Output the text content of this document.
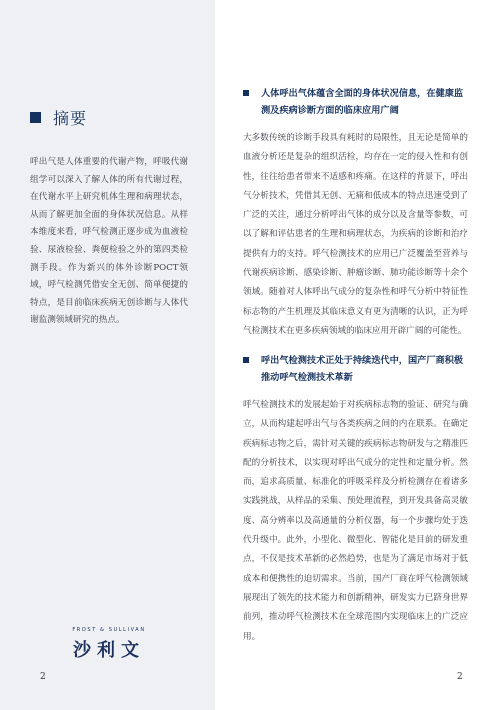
摘要
呼出气是人体重要的代谢产物，呼吸代谢组学可以深入了解人体的所有代谢过程，在代谢水平上研究机体生理和病理状态，从而了解更加全面的身体状况信息。从样本维度来看，呼气检测正逐步成为血液检验、尿液检验、粪便检验之外的第四类检测手段。作为新兴的体外诊断POCT领域，呼气检测凭借安全无创、简单便捷的特点，是目前临床疾病无创诊断与人体代谢监测领域研究的热点。
FROST & SULLIVAN
沙利文
2
人体呼出气体蕴含全面的身体状况信息，在健康监测及疾病诊断方面的临床应用广阔
大多数传统的诊断手段具有耗时的局限性，且无论是简单的血液分析还是复杂的组织活检，均存在一定的侵入性和有创性，往往给患者带来不适感和疼痛。在这样的背景下，呼出气分析技术，凭借其无创、无痛和低成本的特点迅速受到了广泛的关注，通过分析呼出气体的成分以及含量等参数，可以了解和评估患者的生理和病理状态，为疾病的诊断和治疗提供有力的支持。呼气检测技术的应用已广泛覆盖至营养与代谢疾病诊断、感染诊断、肿瘤诊断、肺功能诊断等十余个领域。随着对人体呼出气成分的复杂性和呼气分析中特征性标志物的产生机理及其临床意义有更为清晰的认识，正为呼气检测技术在更多疾病领域的临床应用开辟广阔的可能性。
呼出气检测技术正处于持续迭代中，国产厂商积极推动呼气检测技术革新
呼气检测技术的发展起始于对疾病标志物的验证、研究与确立，从而构建起呼出气与各类疾病之间的内在联系。在确定疾病标志物之后，需针对关键的疾病标志物研发与之精准匹配的分析技术，以实现对呼出气成分的定性和定量分析。然而，追求高质量、标准化的呼吸采样及分析检测存在着诸多实践挑战，从样品的采集、预处理流程，到开发具备高灵敏度、高分辨率以及高通量的分析仪器，每一个步骤均处于迭代升级中。此外，小型化、微型化、智能化是目前的研发重点，不仅是技术革新的必然趋势，也是为了满足市场对于低成本和便携性的迫切需求。当前，国产厂商在呼气检测领域展现出了领先的技术能力和创新精神，研发实力已跻身世界前列，推动呼气检测技术在全球范围内实现临床上的广泛应用。
2
